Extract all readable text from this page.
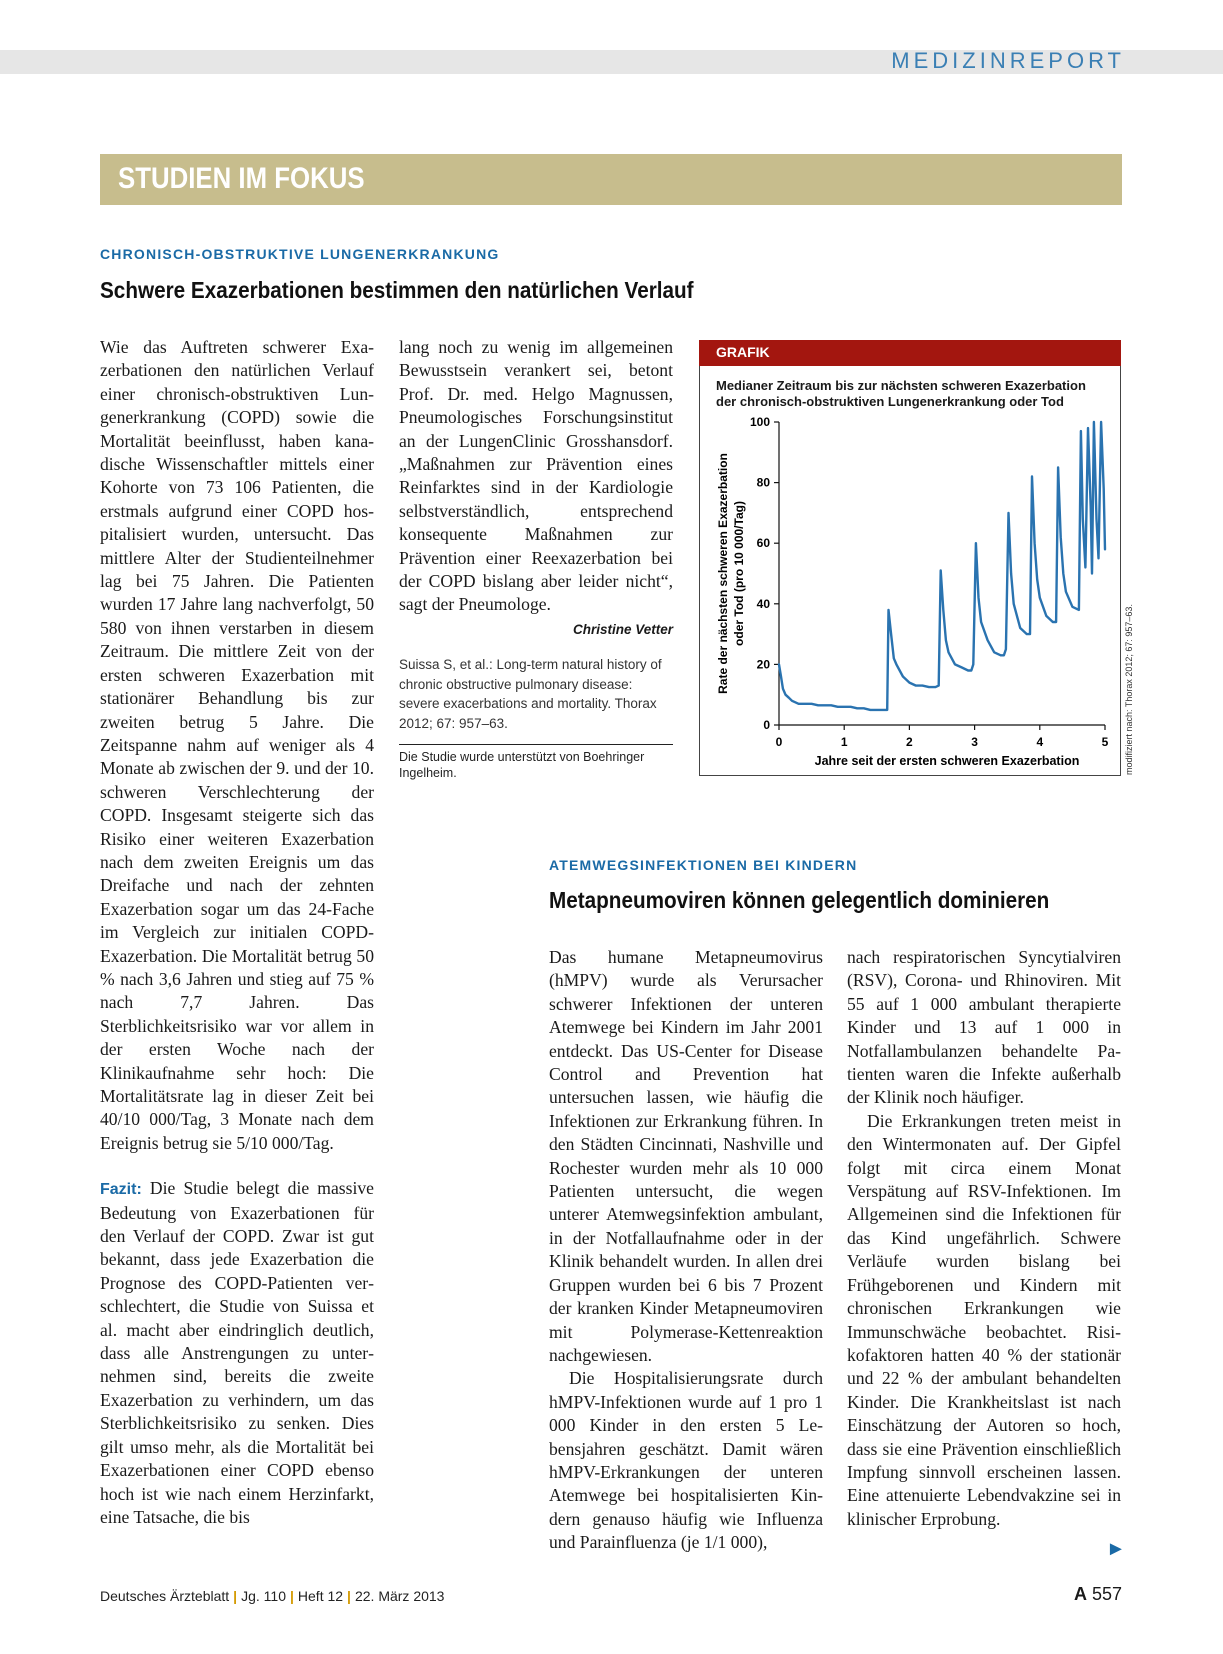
MEDIZINREPORT
STUDIEN IM FOKUS
CHRONISCH-OBSTRUKTIVE LUNGENERKRANKUNG
Schwere Exazerbationen bestimmen den natürlichen Verlauf

Wie das Auftreten schwerer Exazerbationen den natürlichen Verlauf einer chronisch-obstruktiven Lungenerkrankung (COPD) sowie die Mortalität beeinflusst, haben kanadische Wissenschaftler mittels einer Kohorte von 73 106 Patienten, die erstmals aufgrund einer COPD hospitalisiert wurden, untersucht. Das mittlere Alter der Studienteilnehmer lag bei 75 Jahren. Die Patienten wurden 17 Jahre lang nachverfolgt, 50 580 von ihnen verstarben in diesem Zeitraum. Die mittlere Zeit von der ersten schweren Exazerbation mit stationärer Behandlung bis zur zweiten betrug 5 Jahre. Die Zeitspanne nahm auf weniger als 4 Monate ab zwischen der 9. und der 10. schweren Verschlechterung der COPD. Insgesamt steigerte sich das Risiko einer weiteren Exazerbation nach dem zweiten Ereignis um das Dreifache und nach der zehnten Exazerbation sogar um das 24-Fache im Vergleich zur initialen COPD-Exazerbation. Die Mortalität betrug 50 % nach 3,6 Jahren und stieg auf 75 % nach 7,7 Jahren. Das Sterblichkeitsrisiko war vor allem in der ersten Woche nach der Klinikaufnahme sehr hoch: Die Mortalitätsrate lag in dieser Zeit bei 40/10 000/Tag, 3 Monate nach dem Ereignis betrug sie 5/10 000/Tag.

Fazit: Die Studie belegt die massive Bedeutung von Exazerbationen für den Verlauf der COPD. Zwar ist gut bekannt, dass jede Exazerbation die Prognose des COPD-Patienten verschlechtert, die Studie von Suissa et al. macht aber eindringlich deutlich, dass alle Anstrengungen zu unternehmen sind, bereits die zweite Exazerbation zu verhindern, um das Sterblichkeitsrisiko zu senken. Dies gilt umso mehr, als die Mortalität bei Exazerbationen einer COPD ebenso hoch ist wie nach einem Herzinfarkt, eine Tatsache, die bis

lang noch zu wenig im allgemeinen Bewusstsein verankert sei, betont Prof. Dr. med. Helgo Magnussen, Pneumologisches Forschungsinstitut an der LungenClinic Grosshansdorf. „Maßnahmen zur Prävention eines Reinfarktes sind in der Kardiologie selbstverständlich, entsprechend konsequente Maßnahmen zur Prävention einer Reexazerbation bei der COPD bislang aber leider nicht“, sagt der Pneumologe.

Christine Vetter
Suissa S, et al.: Long-term natural history of chronic obstructive pulmonary disease: severe exacerbations and mortality. Thorax 2012; 67: 957–63.
Die Studie wurde unterstützt von Boehringer Ingelheim.
GRAFIK
Medianer Zeitraum bis zur nächsten schweren Exazerbation
der chronisch-obstruktiven Lungenerkrankung oder Tod
0
20
40
60
80
100
0	1	2	3	4	5
Jahre seit der ersten schweren Exazerbation
Rate der nächsten schweren Exazerbation oder Tod (pro 10 000/Tag)
modifiziert nach: Thorax 2012; 67: 957–63.
ATEMWEGSINFEKTIONEN BEI KINDERN
Metapneumoviren können gelegentlich dominieren

Das humane Metapneumovirus (hMPV) wurde als Verursacher schwerer Infektionen der unteren Atemwege bei Kindern im Jahr 2001 entdeckt. Das US-Center for Disease Control and Prevention hat untersuchen lassen, wie häufig die Infektionen zur Erkrankung führen. In den Städten Cincinnati, Nashville und Rochester wurden mehr als 10 000 Patienten untersucht, die wegen unterer Atemwegsinfektion ambulant, in der Notfallaufnahme oder in der Klinik behandelt wurden. In allen drei Gruppen wurden bei 6 bis 7 Prozent der kranken Kinder Metapneumoviren mit Polymerase-Kettenreaktion nachgewiesen.

Die Hospitalisierungsrate durch hMPV-Infektionen wurde auf 1 pro 1 000 Kinder in den ersten 5 Lebensjahren geschätzt. Damit wären hMPV-Erkrankungen der unteren Atemwege bei hospitalisierten Kindern genauso häufig wie Influenza und Parainfluenza (je 1/1 000),

nach respiratorischen Syncytialviren (RSV), Corona- und Rhinoviren. Mit 55 auf 1 000 ambulant therapierte Kinder und 13 auf 1 000 in Notfallambulanzen behandelte Patienten waren die Infekte außerhalb der Klinik noch häufiger.

Die Erkrankungen treten meist in den Wintermonaten auf. Der Gipfel folgt mit circa einem Monat Verspätung auf RSV-Infektionen. Im Allgemeinen sind die Infektionen für das Kind ungefährlich. Schwere Verläufe wurden bislang bei Frühgeborenen und Kindern mit chronischen Erkrankungen wie Immunschwäche beobachtet. Risikofaktoren hatten 40 % der stationär und 22 % der ambulant behandelten Kinder. Die Krankheitslast ist nach Einschätzung der Autoren so hoch, dass sie eine Prävention einschließlich Impfung sinnvoll erscheinen lassen. Eine attenuierte Lebendvakzine sei in klinischer Erprobung.

►
Deutsches Ärzteblatt | Jg. 110 | Heft 12 | 22. März 2013	A 557
